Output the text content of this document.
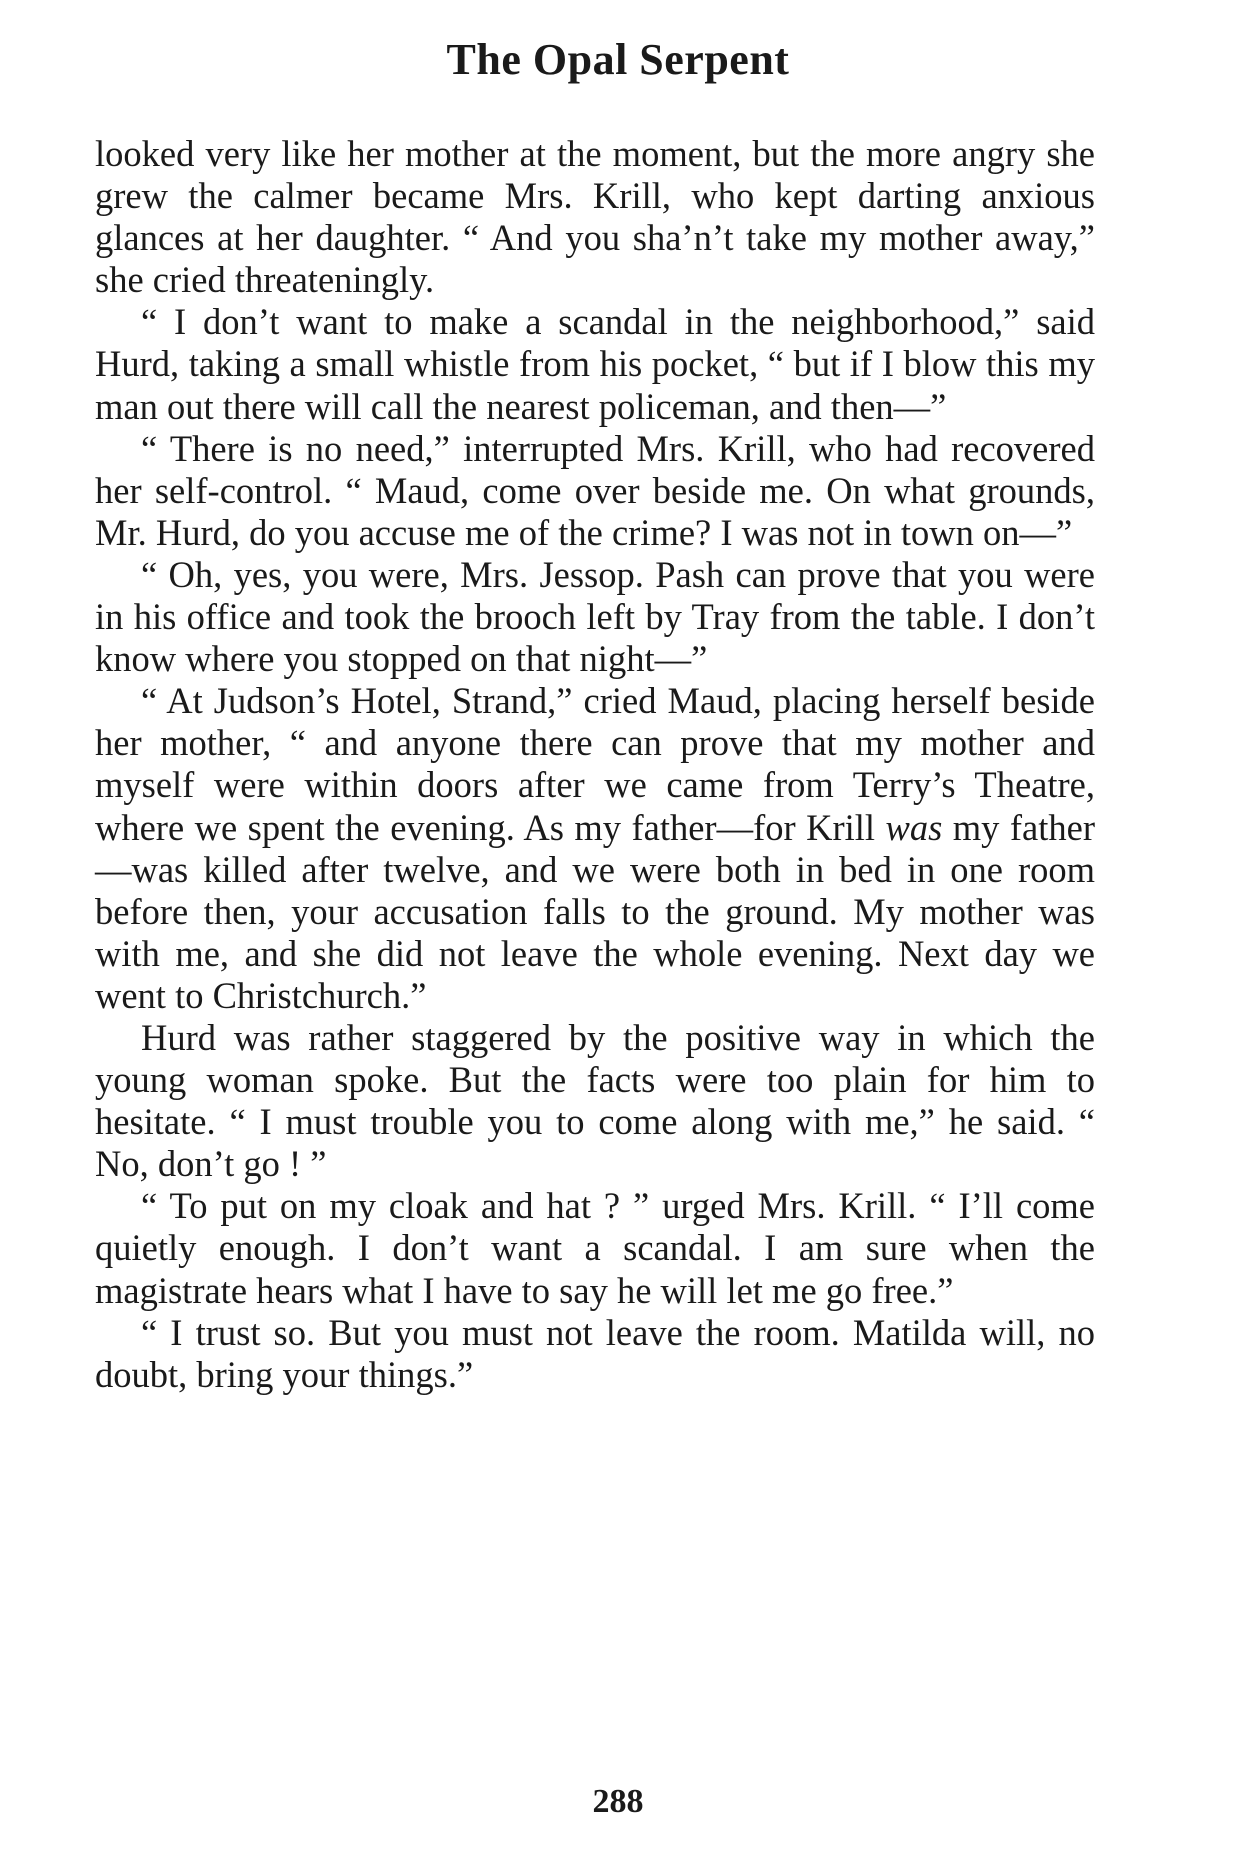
The Opal Serpent

looked very like her mother at the moment, but the more angry she grew the calmer became Mrs. Krill, who kept darting anxious glances at her daughter. “ And you sha’n’t take my mother away,” she cried threateningly.

“ I don’t want to make a scandal in the neighborhood,” said Hurd, taking a small whistle from his pocket, “ but if I blow this my man out there will call the nearest policeman, and then—”

“ There is no need,” interrupted Mrs. Krill, who had recovered her self-control. “ Maud, come over beside me. On what grounds, Mr. Hurd, do you accuse me of the crime? I was not in town on—”

“ Oh, yes, you were, Mrs. Jessop. Pash can prove that you were in his office and took the brooch left by Tray from the table. I don’t know where you stopped on that night—”

“ At Judson’s Hotel, Strand,” cried Maud, placing herself beside her mother, “ and anyone there can prove that my mother and myself were within doors after we came from Terry’s Theatre, where we spent the evening. As my father—for Krill was my father —was killed after twelve, and we were both in bed in one room before then, your accusation falls to the ground. My mother was with me, and she did not leave the whole evening. Next day we went to Christchurch.”

Hurd was rather staggered by the positive way in which the young woman spoke. But the facts were too plain for him to hesitate. “ I must trouble you to come along with me,” he said. “ No, don’t go ! ”

“ To put on my cloak and hat ? ” urged Mrs. Krill. “ I’ll come quietly enough. I don’t want a scandal. I am sure when the magistrate hears what I have to say he will let me go free.”

“ I trust so. But you must not leave the room. Matilda will, no doubt, bring your things.”

288
